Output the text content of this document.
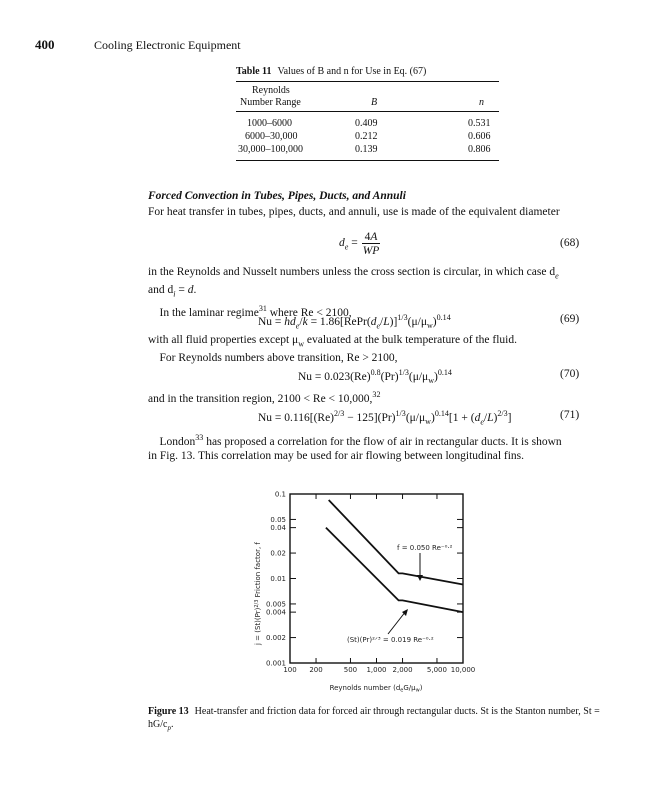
400	Cooling Electronic Equipment
Table 11 Values of B and n for Use in Eq. (67)
Reynolds
Number Range	B	n
1000–6000	0.409	0.531
6000–30,000	0.212	0.606
30,000–100,000	0.139	0.806
Forced Convection in Tubes, Pipes, Ducts, and Annuli
For heat transfer in tubes, pipes, ducts, and annuli, use is made of the equivalent diameter
$d_e$ =	4A
WP
(68)
in the Reynolds and Nusselt numbers unless the cross section is circular, in which case $d_e$
and $d_i = d$.
In the laminar regime$^{31}$ where Re < 2100,
$Nu = hd_e/k$ = $1.86[RePr(d_e/L)]^{1/3}(\mu/\mu_w)^{0.14}$	(69)
with all fluid properties except $\mu_w$ evaluated at the bulk temperature of the fluid.
For Reynolds numbers above transition, Re > 2100,
$Nu = 0.023(Re)^{0.8}(Pr)^{1/3}(\mu/\mu_w)^{0.14}$	(70)
and in the transition region, 2100 < Re < 10,000,32
$Nu = 0.116[(Re)^{2/3} - 125](Pr)^{1/3}(\mu/\mu_w)^{0.14}[1 + (d_e/L)^{2/3}]$	(71)
London$^{33}$ has proposed a correlation for the flow of air in rectangular ducts. It is shown
in Fig. 13. This correlation may be used for air flowing between longitudinal fins.
100 200	500 1,000 2,000 5,000 10,000
0.1
0.05
0.04
0.02
0.01
0.005
0.004
0.002
0.001
f = 0.050 Re⁻⁰·²
(St)(Pr)²ᐟ³ = 0.019 Re⁻⁰·²
Reynolds number $(d_eG/\mu_w)$
$j = (St)(Pr)^{2/3}$ Friction factor, f
Figure 13 Heat-transfer and friction data for forced air through rectangular ducts. St is the Stanton number, $St = hG/c_p$.
